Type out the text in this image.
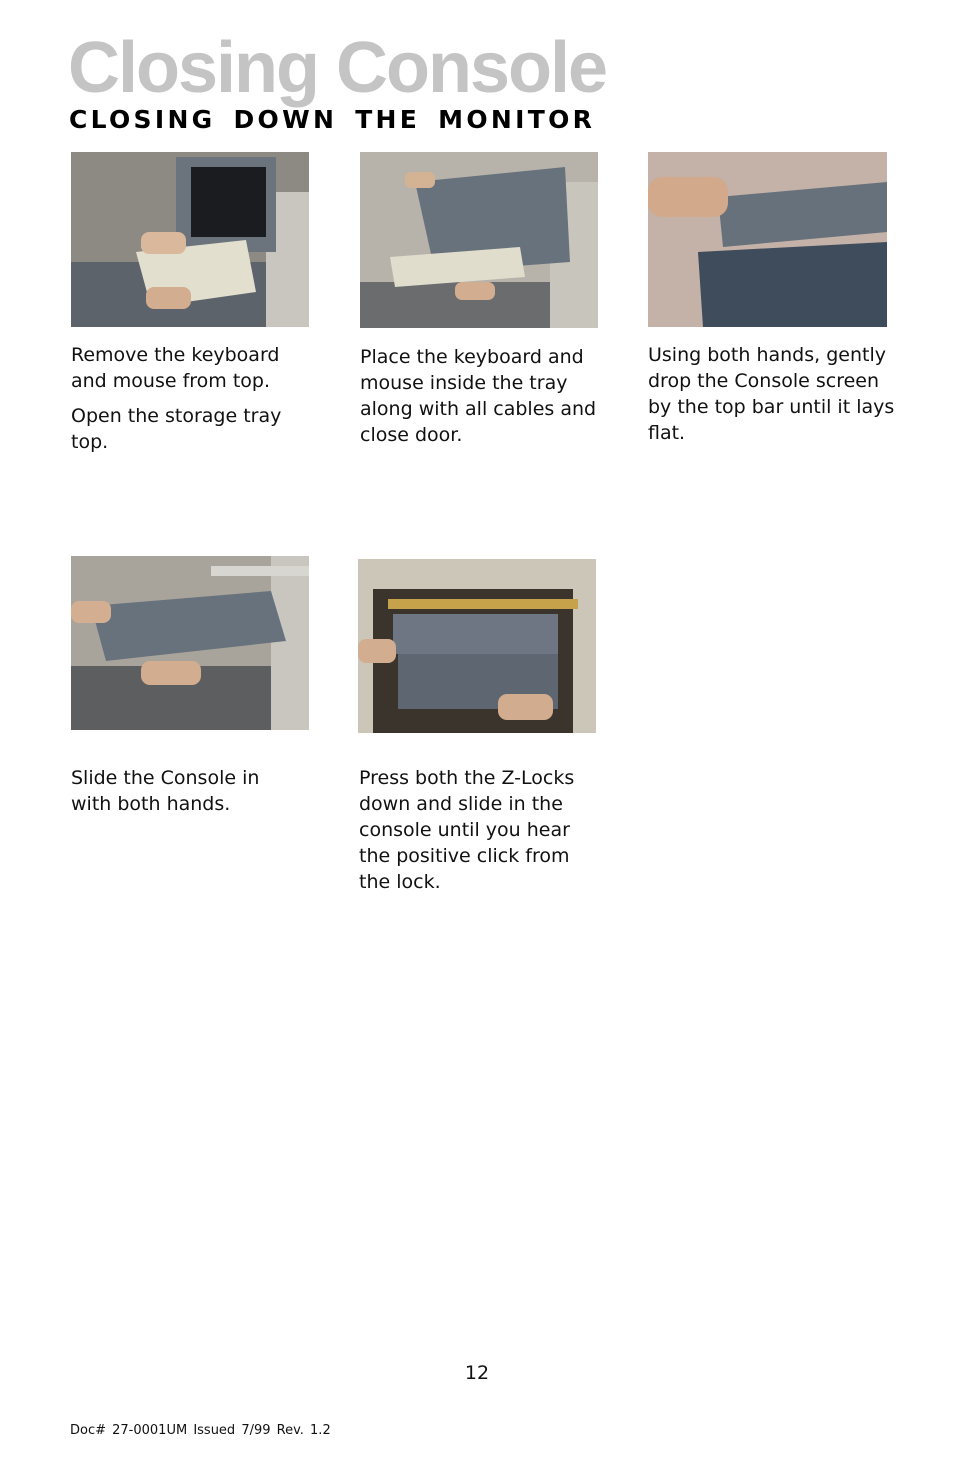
Closing Console
CLOSING DOWN THE MONITOR

Remove the keyboard and mouse from top.

Open the storage tray top.

Place the keyboard and mouse inside the tray along with all cables and close door.

Using both hands, gently drop the Console screen by the top bar until it lays flat.

Slide the Console in with both hands.

Press both the Z-Locks down and slide in the console until you hear the positive click from the lock.

12
Doc# 27-0001UM Issued 7/99 Rev. 1.2
